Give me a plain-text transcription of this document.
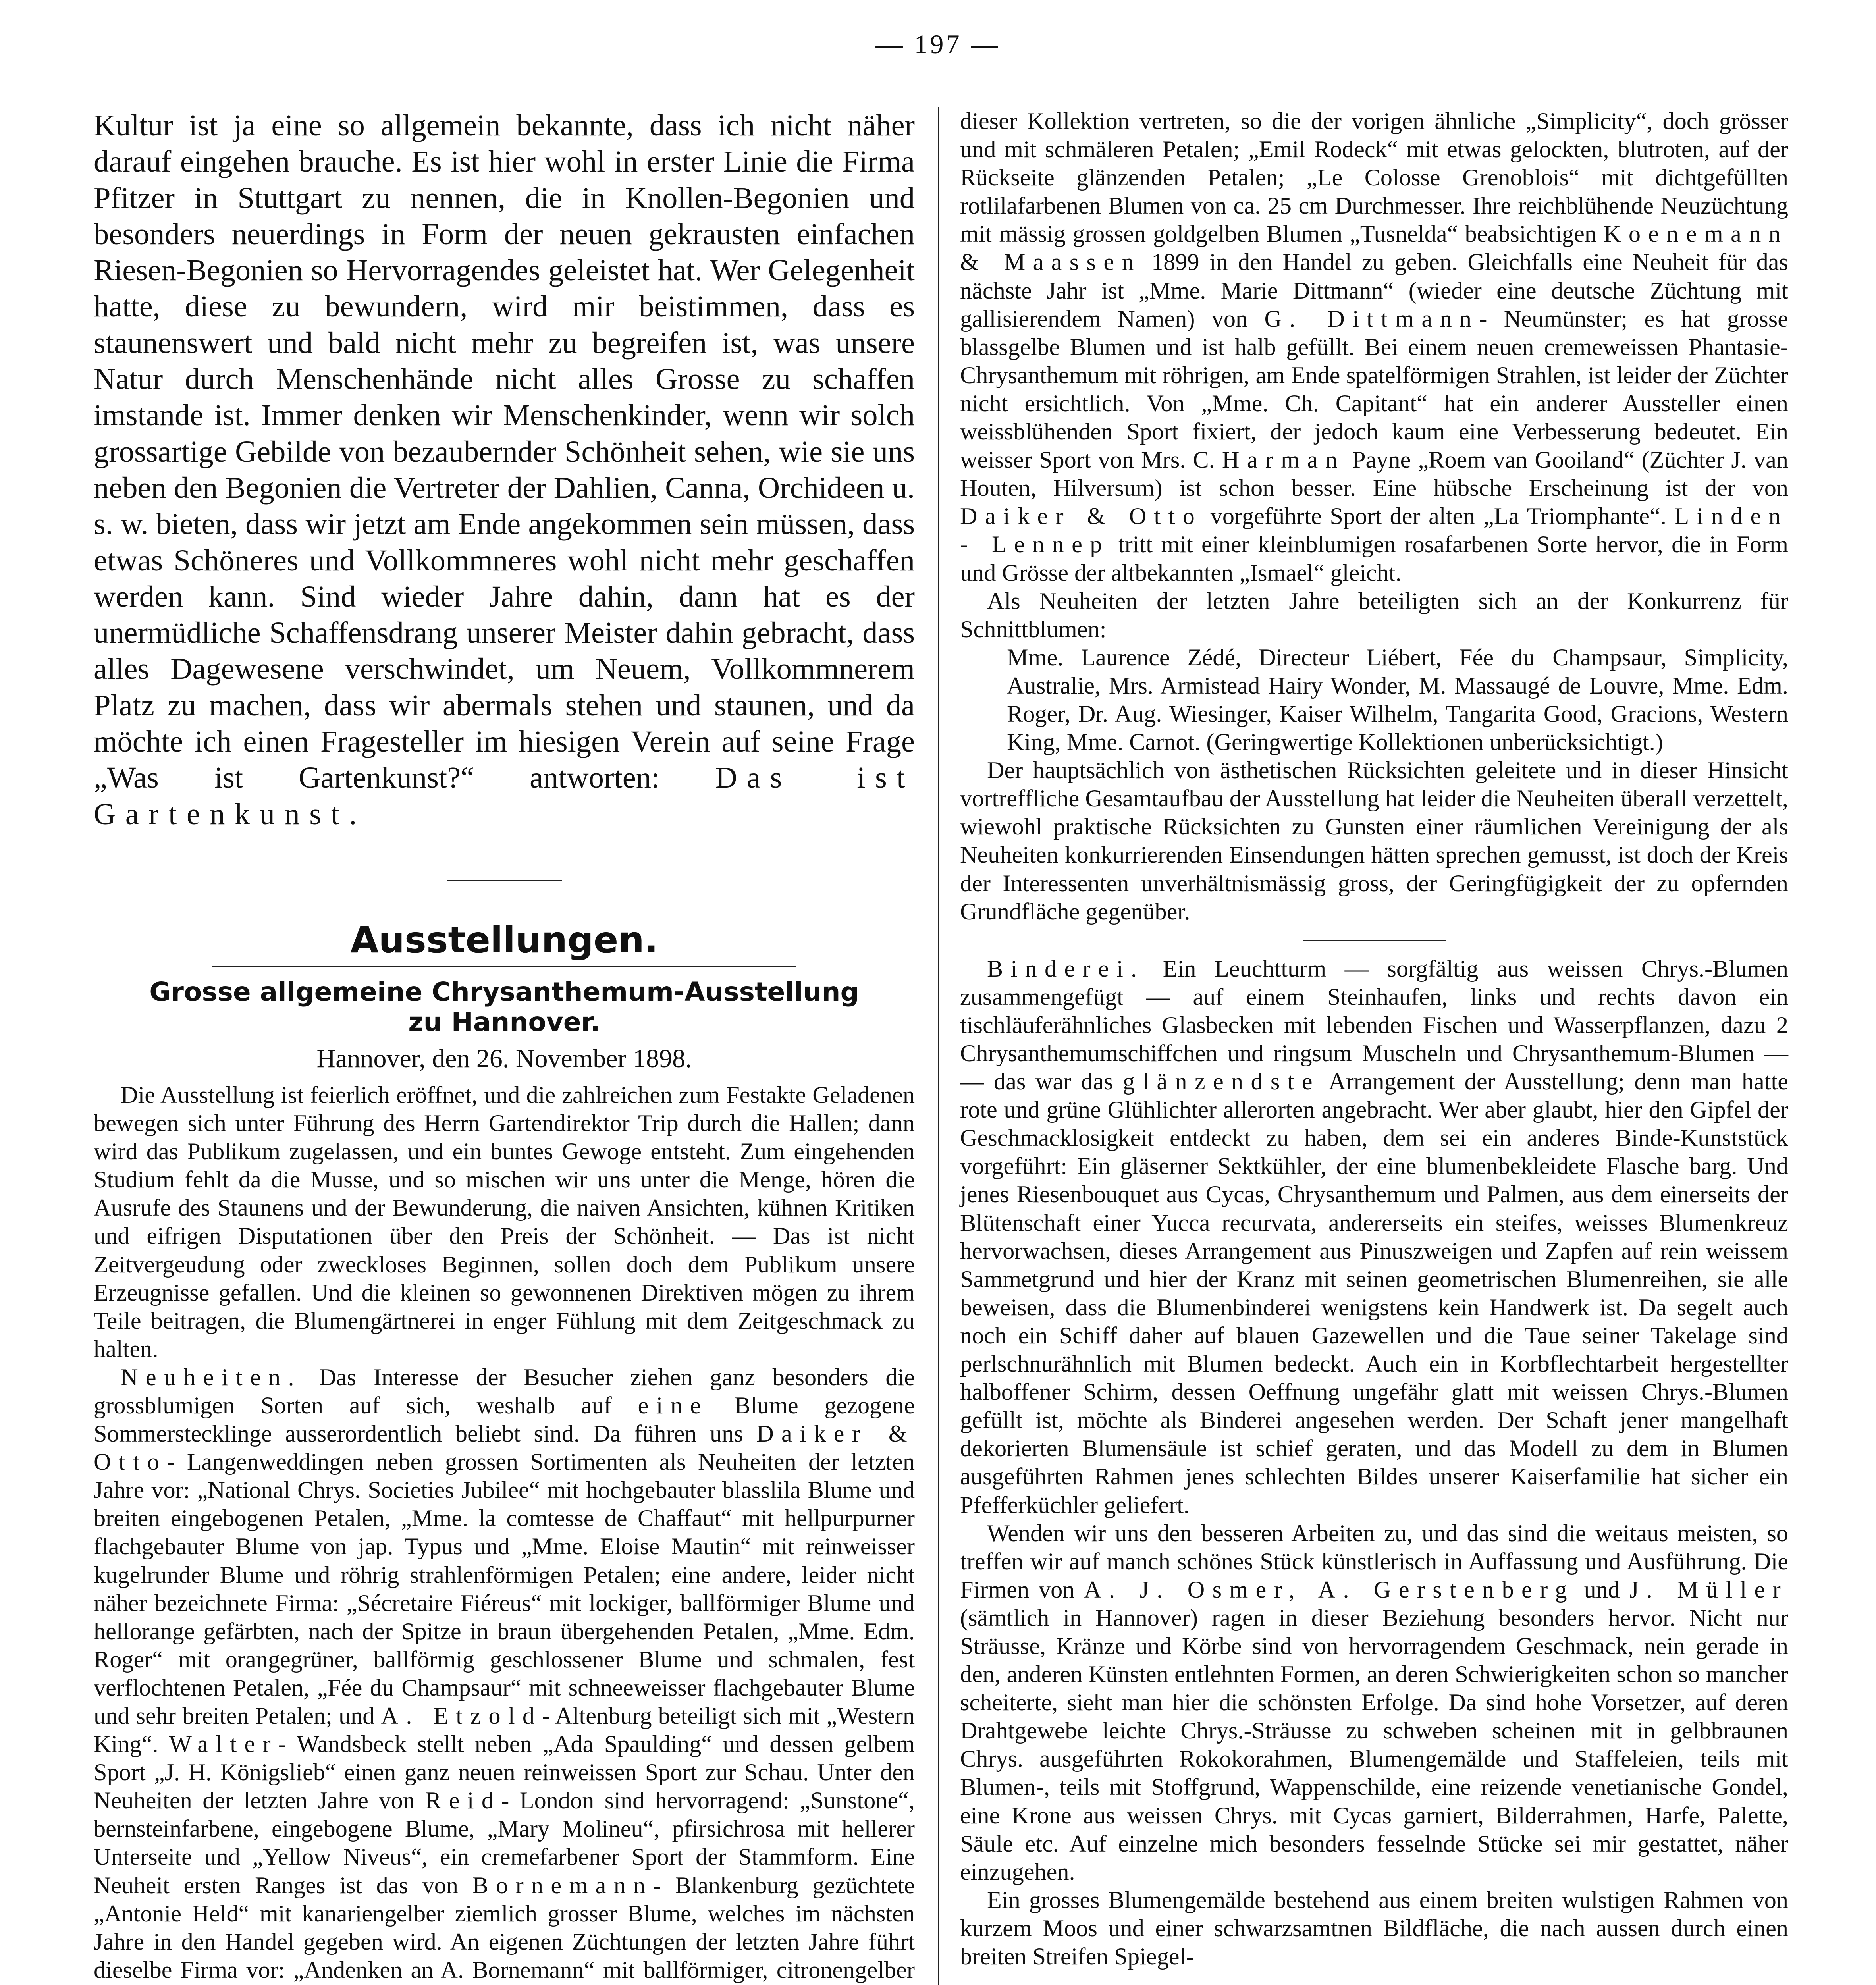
— 197 —

Kultur ist ja eine so allgemein bekannte, dass ich nicht näher darauf eingehen brauche. Es ist hier wohl in erster Linie die Firma Pfitzer in Stuttgart zu nennen, die in Knollen-Begonien und besonders neuerdings in Form der neuen gekrausten einfachen Riesen-Begonien so Hervorragendes geleistet hat. Wer Gelegenheit hatte, diese zu bewundern, wird mir beistimmen, dass es staunenswert und bald nicht mehr zu begreifen ist, was unsere Natur durch Menschenhände nicht alles Grosse zu schaffen imstande ist. Immer denken wir Menschenkinder, wenn wir solch grossartige Gebilde von bezaubernder Schönheit sehen, wie sie uns neben den Begonien die Vertreter der Dahlien, Canna, Orchideen u. s. w. bieten, dass wir jetzt am Ende angekommen sein müssen, dass etwas Schöneres und Vollkommneres wohl nicht mehr geschaffen werden kann. Sind wieder Jahre dahin, dann hat es der unermüdliche Schaffensdrang unserer Meister dahin gebracht, dass alles Dagewesene verschwindet, um Neuem, Vollkommnerem Platz zu machen, dass wir abermals stehen und staunen, und da möchte ich einen Fragesteller im hiesigen Verein auf seine Frage „Was ist Gartenkunst?“ antworten: Das ist Gartenkunst.

Ausstellungen.
Grosse allgemeine Chrysanthemum-Ausstellung
zu Hannover.
Hannover, den 26. November 1898.

Die Ausstellung ist feierlich eröffnet, und die zahlreichen zum Festakte Geladenen bewegen sich unter Führung des Herrn Gartendirektor Trip durch die Hallen; dann wird das Publikum zugelassen, und ein buntes Gewoge entsteht. Zum eingehenden Studium fehlt da die Musse, und so mischen wir uns unter die Menge, hören die Ausrufe des Staunens und der Bewunderung, die naiven Ansichten, kühnen Kritiken und eifrigen Disputationen über den Preis der Schönheit. — Das ist nicht Zeitvergeudung oder zweckloses Beginnen, sollen doch dem Publikum unsere Erzeugnisse gefallen. Und die kleinen so gewonnenen Direktiven mögen zu ihrem Teile beitragen, die Blumengärtnerei in enger Fühlung mit dem Zeitgeschmack zu halten.

Neuheiten. Das Interesse der Besucher ziehen ganz besonders die grossblumigen Sorten auf sich, weshalb auf eine Blume gezogene Sommerstecklinge ausserordentlich beliebt sind. Da führen uns Daiker & Otto- Langenweddingen neben grossen Sortimenten als Neuheiten der letzten Jahre vor: „National Chrys. Societies Jubilee“ mit hochgebauter blasslila Blume und breiten eingebogenen Petalen, „Mme. la comtesse de Chaffaut“ mit hellpurpurner flachgebauter Blume von jap. Typus und „Mme. Eloise Mautin“ mit reinweisser kugelrunder Blume und röhrig strahlenförmigen Petalen; eine andere, leider nicht näher bezeichnete Firma: „Sécretaire Fiéreus“ mit lockiger, ballförmiger Blume und hellorange gefärbten, nach der Spitze in braun übergehenden Petalen, „Mme. Edm. Roger“ mit orangegrüner, ballförmig geschlossener Blume und schmalen, fest verflochtenen Petalen, „Fée du Champsaur“ mit schneeweisser flachgebauter Blume und sehr breiten Petalen; und A. Etzold- Altenburg beteiligt sich mit „Western King“. Walter- Wandsbeck stellt neben „Ada Spaulding“ und dessen gelbem Sport „J. H. Königslieb“ einen ganz neuen reinweissen Sport zur Schau. Unter den Neuheiten der letzten Jahre von Reid- London sind hervorragend: „Sunstone“, bernsteinfarbene, eingebogene Blume, „Mary Molineu“, pfirsichrosa mit hellerer Unterseite und „Yellow Niveus“, ein cremefarbener Sport der Stammform. Eine Neuheit ersten Ranges ist das von Bornemann- Blankenburg gezüchtete „Antonie Held“ mit kanariengelber ziemlich grosser Blume, welches im nächsten Jahre in den Handel gegeben wird. An eigenen Züchtungen der letzten Jahre führt dieselbe Firma vor: „Andenken an A. Bornemann“ mit ballförmiger, citronengelber

dieser Kollektion vertreten, so die der vorigen ähnliche „Simplicity“, doch grösser und mit schmäleren Petalen; „Emil Rodeck“ mit etwas gelockten, blutroten, auf der Rückseite glänzenden Petalen; „Le Colosse Grenoblois“ mit dichtgefüllten rotlilafarbenen Blumen von ca. 25 cm Durchmesser. Ihre reichblühende Neuzüchtung mit mässig grossen goldgelben Blumen „Tusnelda“ beabsichtigen Koenemann & Maassen 1899 in den Handel zu geben. Gleichfalls eine Neuheit für das nächste Jahr ist „Mme. Marie Dittmann“ (wieder eine deutsche Züchtung mit gallisierendem Namen) von G. Dittmann- Neumünster; es hat grosse blassgelbe Blumen und ist halb gefüllt. Bei einem neuen cremeweissen Phantasie-Chrysanthemum mit röhrigen, am Ende spatelförmigen Strahlen, ist leider der Züchter nicht ersichtlich. Von „Mme. Ch. Capitant“ hat ein anderer Aussteller einen weissblühenden Sport fixiert, der jedoch kaum eine Verbesserung bedeutet. Ein weisser Sport von Mrs. C. Harman Payne „Roem van Gooiland“ (Züchter J. van Houten, Hilversum) ist schon besser. Eine hübsche Erscheinung ist der von Daiker & Otto vorgeführte Sport der alten „La Triomphante“. Linden - Lennep tritt mit einer kleinblumigen rosafarbenen Sorte hervor, die in Form und Grösse der altbekannten „Ismael“ gleicht.

Als Neuheiten der letzten Jahre beteiligten sich an der Konkurrenz für Schnittblumen:

Mme. Laurence Zédé, Directeur Liébert, Fée du Champsaur, Simplicity, Australie, Mrs. Armistead Hairy Wonder, M. Massaugé de Louvre, Mme. Edm. Roger, Dr. Aug. Wiesinger, Kaiser Wilhelm, Tangarita Good, Gracions, Western King, Mme. Carnot. (Geringwertige Kollektionen unberücksichtigt.)

Der hauptsächlich von ästhetischen Rücksichten geleitete und in dieser Hinsicht vortreffliche Gesamtaufbau der Ausstellung hat leider die Neuheiten überall verzettelt, wiewohl praktische Rücksichten zu Gunsten einer räumlichen Vereinigung der als Neuheiten konkurrierenden Einsendungen hätten sprechen gemusst, ist doch der Kreis der Interessenten unverhältnismässig gross, der Geringfügigkeit der zu opfernden Grundfläche gegenüber.

Binderei. Ein Leuchtturm — sorgfältig aus weissen Chrys.-Blumen zusammengefügt — auf einem Steinhaufen, links und rechts davon ein tischläuferähnliches Glasbecken mit lebenden Fischen und Wasserpflanzen, dazu 2 Chrysanthemumschiffchen und ringsum Muscheln und Chrysanthemum-Blumen — — das war das glänzendste Arrangement der Ausstellung; denn man hatte rote und grüne Glühlichter allerorten angebracht. Wer aber glaubt, hier den Gipfel der Geschmacklosigkeit entdeckt zu haben, dem sei ein anderes Binde-Kunststück vorgeführt: Ein gläserner Sektkühler, der eine blumenbekleidete Flasche barg. Und jenes Riesenbouquet aus Cycas, Chrysanthemum und Palmen, aus dem einerseits der Blütenschaft einer Yucca recurvata, andererseits ein steifes, weisses Blumenkreuz hervorwachsen, dieses Arrangement aus Pinuszweigen und Zapfen auf rein weissem Sammetgrund und hier der Kranz mit seinen geometrischen Blumenreihen, sie alle beweisen, dass die Blumenbinderei wenigstens kein Handwerk ist. Da segelt auch noch ein Schiff daher auf blauen Gazewellen und die Taue seiner Takelage sind perlschnurähnlich mit Blumen bedeckt. Auch ein in Korbflechtarbeit hergestellter halboffener Schirm, dessen Oeffnung ungefähr glatt mit weissen Chrys.-Blumen gefüllt ist, möchte als Binderei angesehen werden. Der Schaft jener mangelhaft dekorierten Blumensäule ist schief geraten, und das Modell zu dem in Blumen ausgeführten Rahmen jenes schlechten Bildes unserer Kaiserfamilie hat sicher ein Pfefferküchler geliefert.

Wenden wir uns den besseren Arbeiten zu, und das sind die weitaus meisten, so treffen wir auf manch schönes Stück künstlerisch in Auffassung und Ausführung. Die Firmen von A. J. Osmer, A. Gerstenberg und J. Müller (sämtlich in Hannover) ragen in dieser Beziehung besonders hervor. Nicht nur Sträusse, Kränze und Körbe sind von hervorragendem Geschmack, nein gerade in den, anderen Künsten entlehnten Formen, an deren Schwierigkeiten schon so mancher scheiterte, sieht man hier die schönsten Erfolge. Da sind hohe Vorsetzer, auf deren Drahtgewebe leichte Chrys.-Sträusse zu schweben scheinen mit in gelbbraunen Chrys. ausgeführten Rokokorahmen, Blumengemälde und Staffeleien, teils mit Blumen-, teils mit Stoffgrund, Wappenschilde, eine reizende venetianische Gondel, eine Krone aus weissen Chrys. mit Cycas garniert, Bilderrahmen, Harfe, Palette, Säule etc. Auf einzelne mich besonders fesselnde Stücke sei mir gestattet, näher einzugehen.

Ein grosses Blumengemälde bestehend aus einem breiten wulstigen Rahmen von kurzem Moos und einer schwarzsamtnen Bildfläche, die nach aussen durch einen breiten Streifen Spiegel-
